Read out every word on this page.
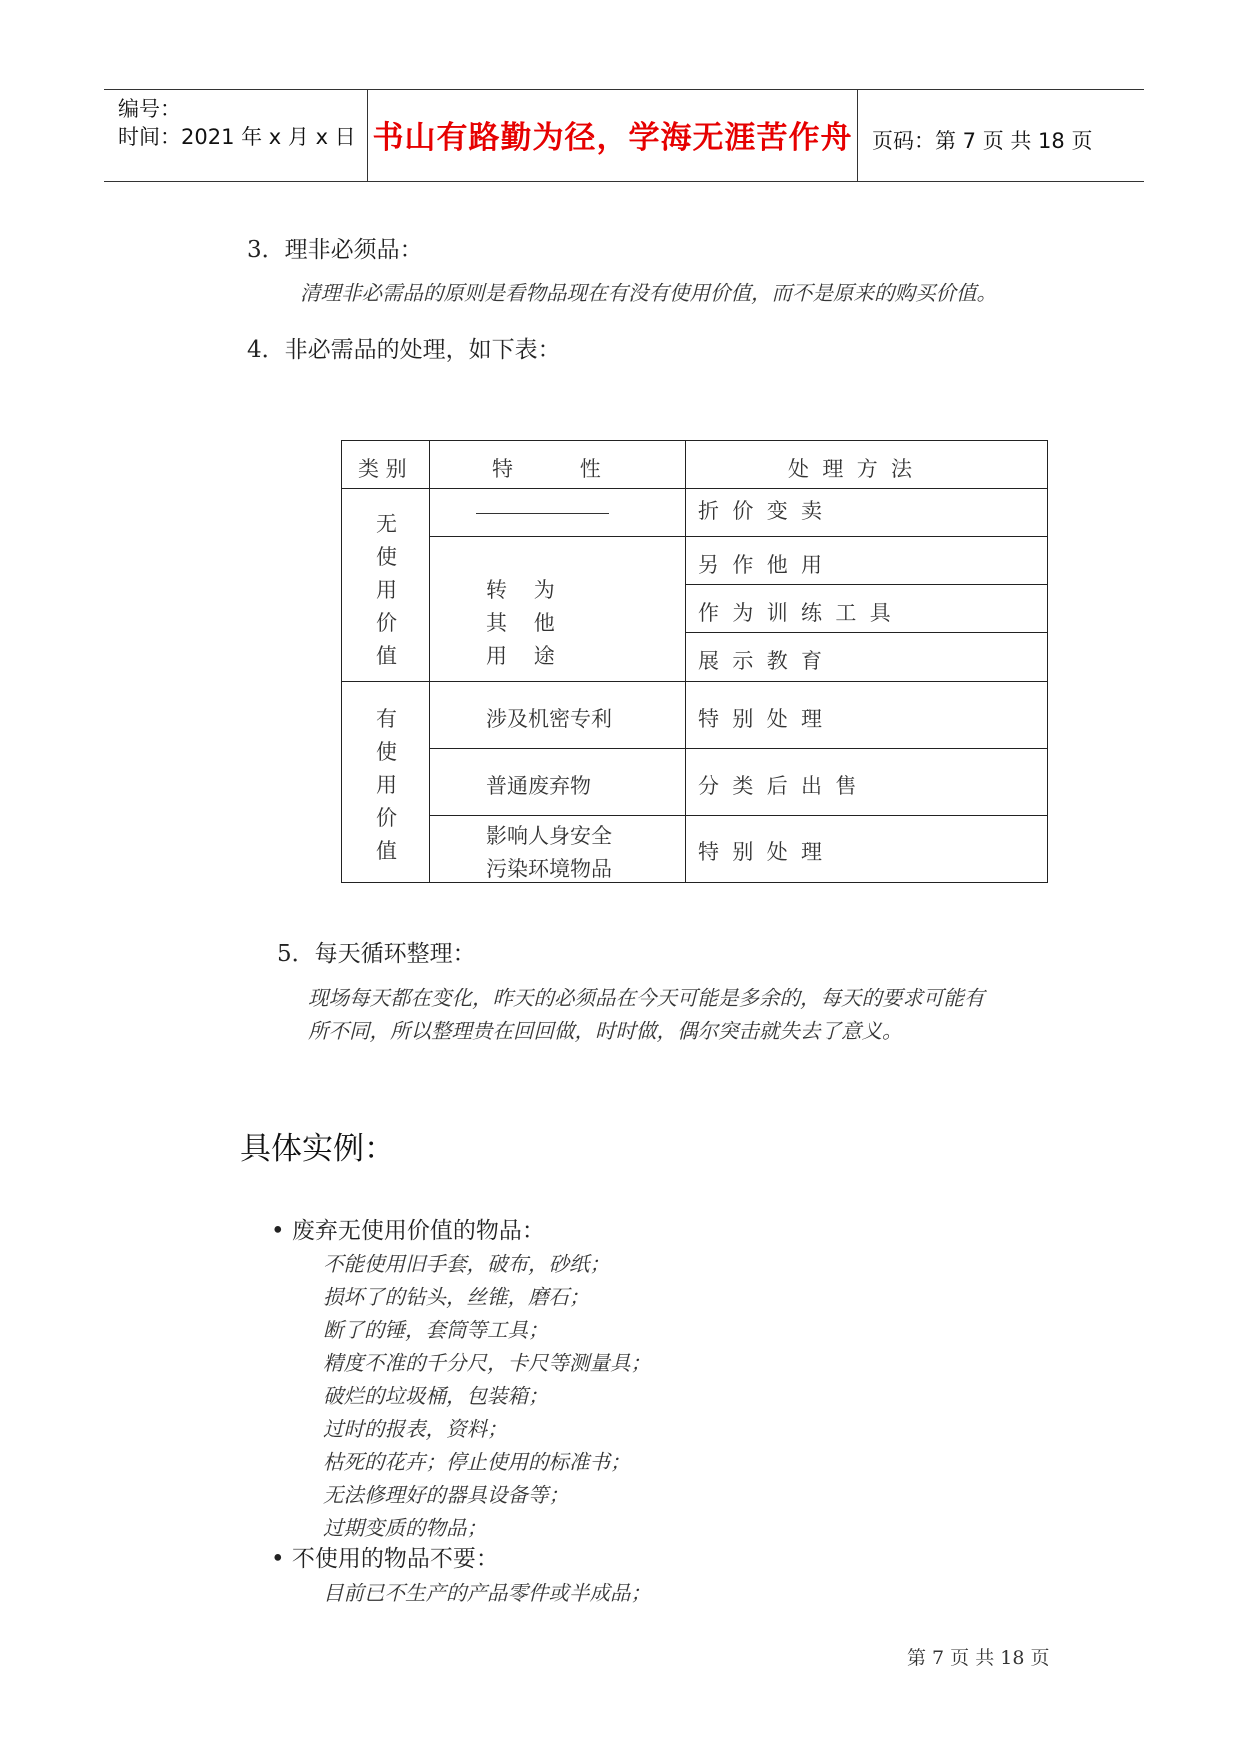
编号：
时间：2021 年 x 月 x 日 书山有路勤为径，学海无涯苦作舟 页码：第 7 页 共 18 页
3．理非必须品：
清理非必需品的原则是看物品现在有没有使用价值，而不是原来的购买价值。
4．非必需品的处理，如下表：
类 别	特          性	处  理  方  法
无
使
用
价
值
转    为
其    他
用    途
折  价  变  卖
另  作  他  用
作  为  训  练  工  具
展  示  教  育
有
使
用
价
值
涉及机密专利
普通废弃物
影响人身安全
污染环境物品
特  别  处  理
分  类  后  出  售
特  别  处  理
5．每天循环整理：
现场每天都在变化，昨天的必须品在今天可能是多余的，每天的要求可能有
所不同，所以整理贵在回回做，时时做，偶尔突击就失去了意义。
具体实例：
• 废弃无使用价值的物品：
不能使用旧手套，破布，砂纸；
损坏了的钻头，丝锥，磨石；
断了的锤，套筒等工具；
精度不准的千分尺，卡尺等测量具；
破烂的垃圾桶，包装箱；
过时的报表，资料；
枯死的花卉；停止使用的标准书；
无法修理好的器具设备等；
过期变质的物品；
• 不使用的物品不要：
目前已不生产的产品零件或半成品；
第 7 页 共 18 页
